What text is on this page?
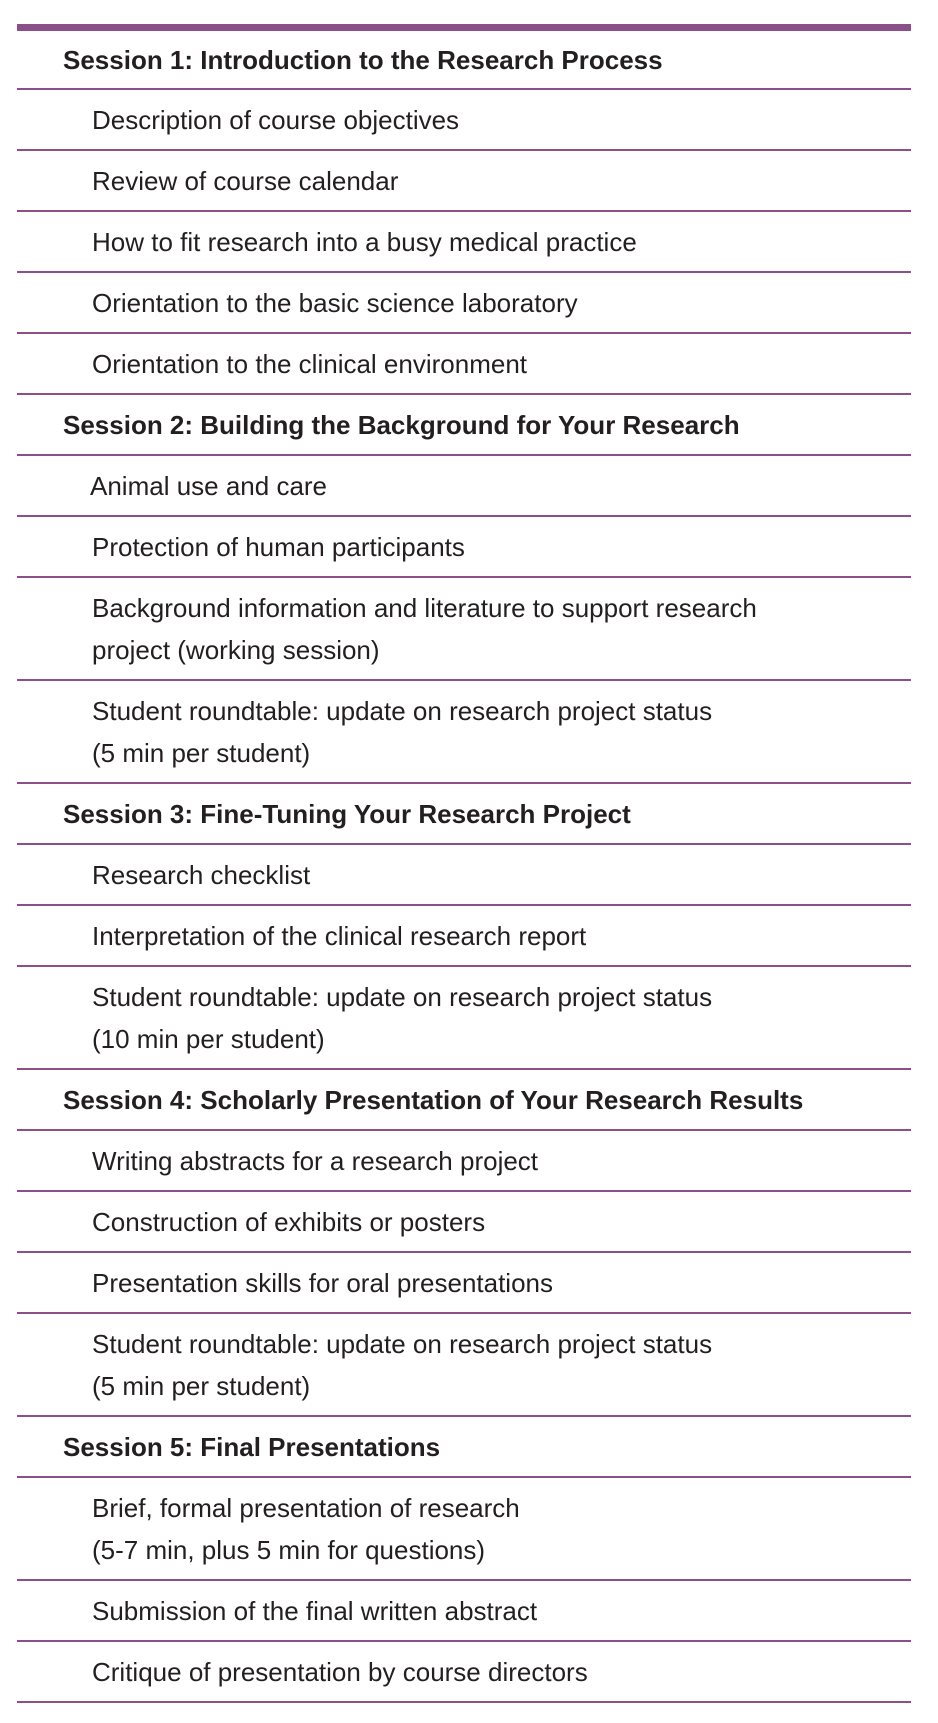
Session 1: Introduction to the Research Process
Description of course objectives
Review of course calendar
How to fit research into a busy medical practice
Orientation to the basic science laboratory
Orientation to the clinical environment
Session 2: Building the Background for Your Research
Animal use and care
Protection of human participants
Background information and literature to support research
project (working session)
Student roundtable: update on research project status
(5 min per student)
Session 3: Fine-Tuning Your Research Project
Research checklist
Interpretation of the clinical research report
Student roundtable: update on research project status
(10 min per student)
Session 4: Scholarly Presentation of Your Research Results
Writing abstracts for a research project
Construction of exhibits or posters
Presentation skills for oral presentations
Student roundtable: update on research project status
(5 min per student)
Session 5: Final Presentations
Brief, formal presentation of research
(5-7 min, plus 5 min for questions)
Submission of the final written abstract
Critique of presentation by course directors
